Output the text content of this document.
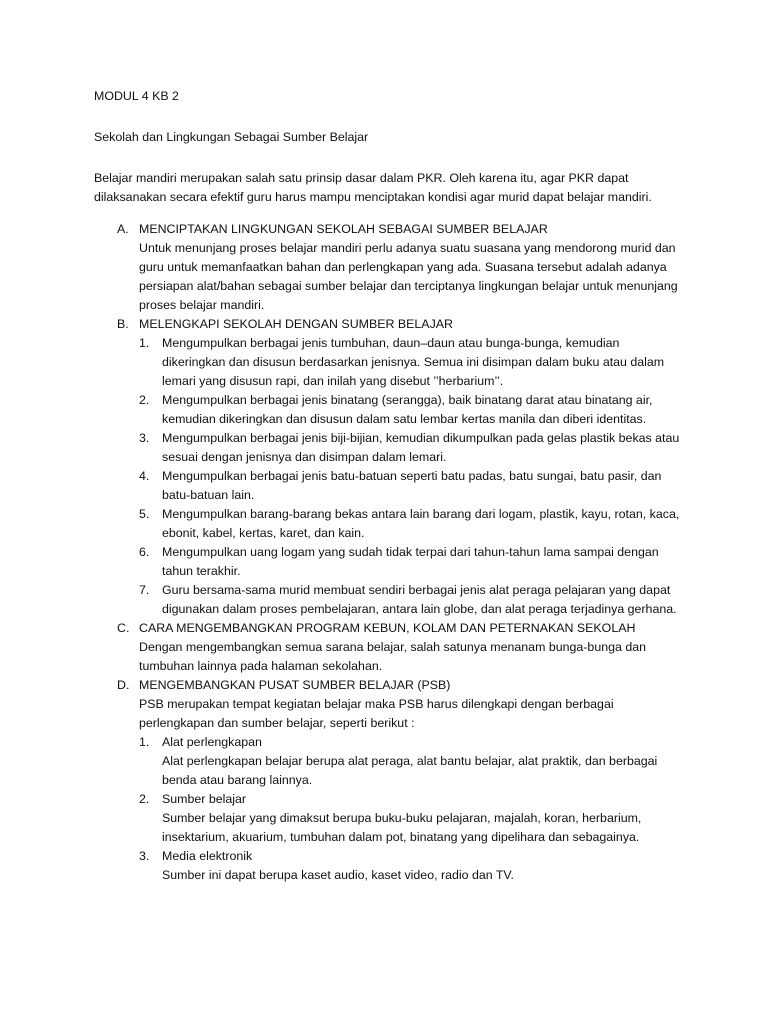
MODUL 4 KB 2

Sekolah dan Lingkungan Sebagai Sumber Belajar

Belajar mandiri merupakan salah satu prinsip dasar dalam PKR. Oleh karena itu, agar PKR dapat dilaksanakan secara efektif guru harus mampu menciptakan kondisi agar murid dapat belajar mandiri.

A. MENCIPTAKAN LINGKUNGAN SEKOLAH SEBAGAI SUMBER BELAJAR
Untuk menunjang proses belajar mandiri perlu adanya suatu suasana yang mendorong murid dan guru untuk memanfaatkan bahan dan perlengkapan yang ada. Suasana tersebut adalah adanya persiapan alat/bahan sebagai sumber belajar dan terciptanya lingkungan belajar untuk menunjang proses belajar mandiri.
B. MELENGKAPI SEKOLAH DENGAN SUMBER BELAJAR
1. Mengumpulkan berbagai jenis tumbuhan, daun–daun atau bunga-bunga, kemudian dikeringkan dan disusun berdasarkan jenisnya. Semua ini disimpan dalam buku atau dalam lemari yang disusun rapi, dan inilah yang disebut ’’herbarium’’.
2. Mengumpulkan berbagai jenis binatang (serangga), baik binatang darat atau binatang air, kemudian dikeringkan dan disusun dalam satu lembar kertas manila dan diberi identitas.
3. Mengumpulkan berbagai jenis biji-bijian, kemudian dikumpulkan pada gelas plastik bekas atau sesuai dengan jenisnya dan disimpan dalam lemari.
4. Mengumpulkan berbagai jenis batu-batuan seperti batu padas, batu sungai, batu pasir, dan batu-batuan lain.
5. Mengumpulkan barang-barang bekas antara lain barang dari logam, plastik, kayu, rotan, kaca, ebonit, kabel, kertas, karet, dan kain.
6. Mengumpulkan uang logam yang sudah tidak terpai dari tahun-tahun lama sampai dengan tahun terakhir.
7. Guru bersama-sama murid membuat sendiri berbagai jenis alat peraga pelajaran yang dapat digunakan dalam proses pembelajaran, antara lain globe, dan alat peraga terjadinya gerhana.
C. CARA MENGEMBANGKAN PROGRAM KEBUN, KOLAM DAN PETERNAKAN SEKOLAH
Dengan mengembangkan semua sarana belajar, salah satunya menanam bunga-bunga dan tumbuhan lainnya pada halaman sekolahan.
D. MENGEMBANGKAN PUSAT SUMBER BELAJAR (PSB)
PSB merupakan tempat kegiatan belajar maka PSB harus dilengkapi dengan berbagai perlengkapan dan sumber belajar, seperti berikut :
1. Alat perlengkapan
Alat perlengkapan belajar berupa alat peraga, alat bantu belajar, alat praktik, dan berbagai benda atau barang lainnya.
2. Sumber belajar
Sumber belajar yang dimaksut berupa buku-buku pelajaran, majalah, koran, herbarium, insektarium, akuarium, tumbuhan dalam pot, binatang yang dipelihara dan sebagainya.
3. Media elektronik
Sumber ini dapat berupa kaset audio, kaset video, radio dan TV.
